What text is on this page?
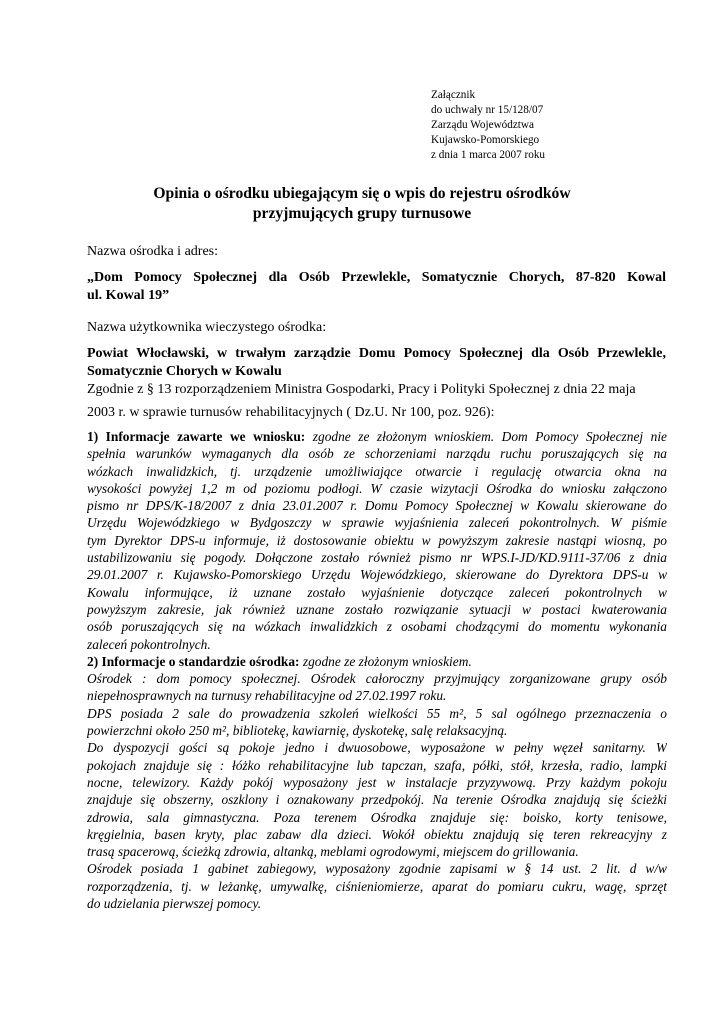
Załącznik
do uchwały nr 15/128/07
Zarządu Województwa
Kujawsko-Pomorskiego
z dnia 1 marca 2007 roku
Opinia o ośrodku ubiegającym się o wpis do rejestru ośrodków
przyjmujących grupy turnusowe
Nazwa ośrodka i adres:
„Dom Pomocy Społecznej dla Osób Przewlekle, Somatycznie Chorych, 87-820 Kowal
ul. Kowal 19”
Nazwa użytkownika wieczystego ośrodka:
Powiat Włocławski, w trwałym zarządzie Domu Pomocy Społecznej dla Osób Przewlekle,
Somatycznie Chorych w Kowalu
Zgodnie z § 13 rozporządzeniem Ministra Gospodarki, Pracy i Polityki Społecznej z dnia 22 maja
2003 r. w sprawie turnusów rehabilitacyjnych ( Dz.U. Nr 100, poz. 926):
1) Informacje zawarte we wniosku: zgodne ze złożonym wnioskiem. Dom Pomocy Społecznej nie
spełnia warunków wymaganych dla osób ze schorzeniami narządu ruchu poruszających się na
wózkach inwalidzkich, tj. urządzenie umożliwiające otwarcie i regulację otwarcia okna na
wysokości powyżej 1,2 m od poziomu podłogi. W czasie wizytacji Ośrodka do wniosku załączono
pismo nr DPS/K-18/2007 z dnia 23.01.2007 r. Domu Pomocy Społecznej w Kowalu skierowane do
Urzędu Wojewódzkiego w Bydgoszczy w sprawie wyjaśnienia zaleceń pokontrolnych. W piśmie
tym Dyrektor DPS-u informuje, iż dostosowanie obiektu w powyższym zakresie nastąpi wiosną, po
ustabilizowaniu się pogody. Dołączone zostało również pismo nr WPS.I-JD/KD.9111-37/06 z dnia
29.01.2007 r. Kujawsko-Pomorskiego Urzędu Wojewódzkiego, skierowane do Dyrektora DPS-u w
Kowalu informujące, iż uznane zostało wyjaśnienie dotyczące zaleceń pokontrolnych w
powyższym zakresie, jak również uznane zostało rozwiązanie sytuacji w postaci kwaterowania
osób poruszających się na wózkach inwalidzkich z osobami chodzącymi do momentu wykonania
zaleceń pokontrolnych.
2) Informacje o standardzie ośrodka: zgodne ze złożonym wnioskiem.
Ośrodek : dom pomocy społecznej. Ośrodek całoroczny przyjmujący zorganizowane grupy osób
niepełnosprawnych na turnusy rehabilitacyjne od 27.02.1997 roku.
DPS posiada 2 sale do prowadzenia szkoleń wielkości 55 m², 5 sal ogólnego przeznaczenia o
powierzchni około 250 m², bibliotekę, kawiarnię, dyskotekę, salę relaksacyjną.
Do dyspozycji gości są pokoje jedno i dwuosobowe, wyposażone w pełny węzeł sanitarny. W
pokojach znajduje się : łóżko rehabilitacyjne lub tapczan, szafa, półki, stół, krzesła, radio, lampki
nocne, telewizory. Każdy pokój wyposażony jest w instalacje przyzywową. Przy każdym pokoju
znajduje się obszerny, oszklony i oznakowany przedpokój. Na terenie Ośrodka znajdują się ścieżki
zdrowia, sala gimnastyczna. Poza terenem Ośrodka znajduje się: boisko, korty tenisowe,
kręgielnia, basen kryty, plac zabaw dla dzieci. Wokół obiektu znajdują się teren rekreacyjny z
trasą spacerową, ścieżką zdrowia, altanką, meblami ogrodowymi, miejscem do grillowania.
Ośrodek posiada 1 gabinet zabiegowy, wyposażony zgodnie zapisami w § 14 ust. 2 lit. d w/w
rozporządzenia, tj. w leżankę, umywalkę, ciśnieniomierze, aparat do pomiaru cukru, wagę, sprzęt
do udzielania pierwszej pomocy.
